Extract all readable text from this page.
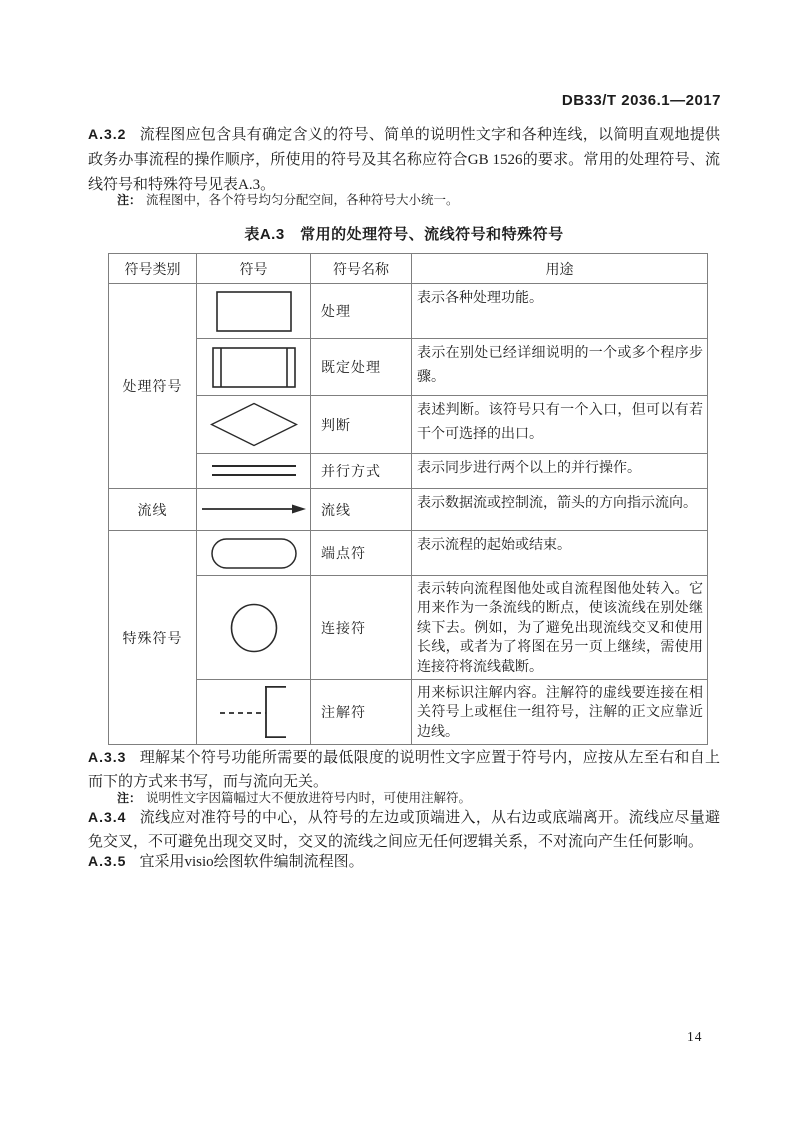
DB33/T 2036.1—2017
A.3.2 流程图应包含具有确定含义的符号、简单的说明性文字和各种连线，以简明直观地提供政务办事流程的操作顺序，所使用的符号及其名称应符合GB 1526的要求。常用的处理符号、流线符号和特殊符号见表A.3。
注： 流程图中，各个符号均匀分配空间，各种符号大小统一。
表A.3　常用的处理符号、流线符号和特殊符号
符号类别	符号	符号名称	用途
处理符号		处理	表示各种处理功能。
	既定处理	表示在别处已经详细说明的一个或多个程序步骤。
	判断	表述判断。该符号只有一个入口，但可以有若干个可选择的出口。
	并行方式	表示同步进行两个以上的并行操作。
流线		流线	表示数据流或控制流，箭头的方向指示流向。
特殊符号		端点符	表示流程的起始或结束。
	连接符	表示转向流程图他处或自流程图他处转入。它用来作为一条流线的断点，使该流线在别处继续下去。例如，为了避免出现流线交叉和使用长线，或者为了将图在另一页上继续，需使用连接符将流线截断。
	注解符	用来标识注解内容。注解符的虚线要连接在相关符号上或框住一组符号，注解的正文应靠近边线。
A.3.3 理解某个符号功能所需要的最低限度的说明性文字应置于符号内，应按从左至右和自上而下的方式来书写，而与流向无关。
注： 说明性文字因篇幅过大不便放进符号内时，可使用注解符。
A.3.4 流线应对准符号的中心，从符号的左边或顶端进入，从右边或底端离开。流线应尽量避免交叉，不可避免出现交叉时，交叉的流线之间应无任何逻辑关系，不对流向产生任何影响。
A.3.5 宜采用visio绘图软件编制流程图。
14
